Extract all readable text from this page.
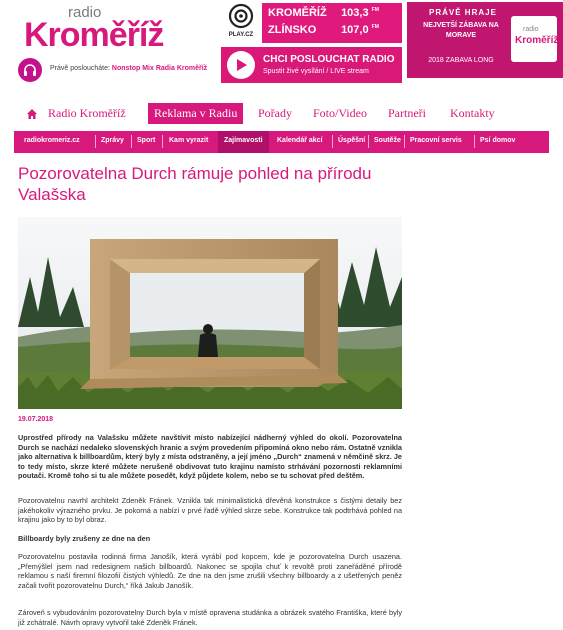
radio
Kroměříž
Právě posloucháte: Nonstop Mix Radia Kroměříž
PLAY.CZ
KROMĚŘÍŽ 103,3 $^{FM}$
ZLÍNSKO 107,0 $^{FM}$
CHCI POSLOUCHAT RADIO
Spustit živé vysílání / LIVE stream
PRÁVĚ HRAJE
NEJVETŠÍ ZÁBAVA NA MORAVE
2018 ZABAVA LONG
radio
Kroměříž
Radio Kroměříž	Reklama v Radiu	Pořady Foto/Video Partneři Kontakty
radiokromeriz.cz	Zprávy Sport Kam vyrazit	Zajímavosti	Kalendář akcí Úspěšní Soutěže Pracovní servis	Psí domov
Pozorovatelna Durch rámuje pohled na přírodu Valašska
19.07.2018

Uprostřed přírody na Valašsku můžete navštívit místo nabízející nádherný výhled do okolí. Pozorovatelna Durch se nachází nedaleko slovenských hranic a svým provedením připomíná okno nebo rám. Ostatně vznikla jako alternativa k billboardům, který byly z místa odstraněny, a její jméno „Durch“ znamená v němčině skrz. Je to tedy místo, skrze které můžete nerušeně obdivovat tuto krajinu namísto strhávání pozornosti reklamními poutači. Kromě toho si tu ale můžete posedět, když půjdete kolem, nebo se tu schovat před deštěm.

Pozorovatelnu navrhl architekt Zdeněk Fránek. Vznikla tak minimalistická dřevěná konstrukce s čistými detaily bez jakéhokoliv výrazného prvku. Je pokorná a nabízí v prvé řadě výhled skrze sebe. Konstrukce tak podtrhává pohled na krajinu jako by to byl obraz.

Billboardy byly zrušeny ze dne na den

Pozorovatelnu postavila rodinná firma Janošík, která vyrábí pod kopcem, kde je pozorovatelna Durch usazena. „Přemýšlel jsem nad redesignem našich billboardů. Nakonec se spojila chuť k revoltě proti zaneřáděné přírodě reklamou s naší firemní filozofií čistých výhledů. Ze dne na den jsme zrušili všechny billboardy a z ušetřených peněz začali tvořit pozorovatelnu Durch,“ říká Jakub Janošík.

Zároveň s vybudováním pozorovatelny Durch byla v místě opravena studánka a obrázek svatého Františka, které byly již zchátralé. Návrh opravy vytvořil také Zdeněk Fránek.
